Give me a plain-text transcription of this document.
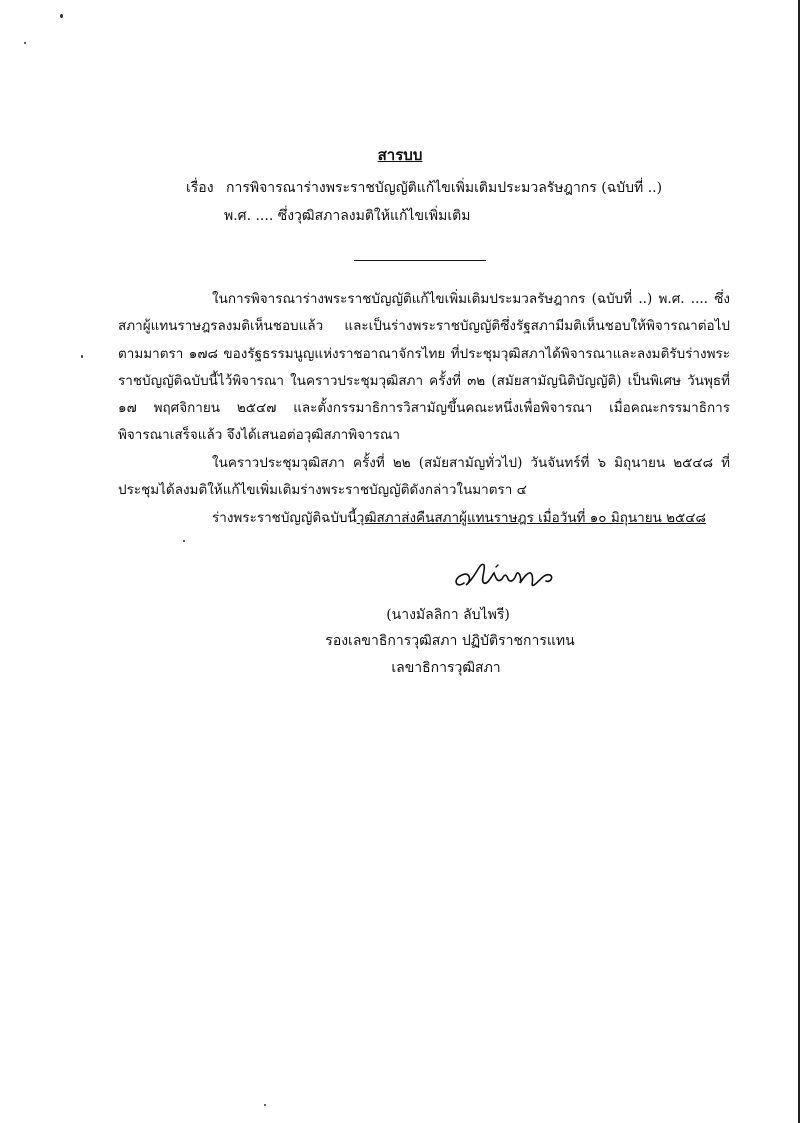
สารบบ
เรื่อง การพิจารณาร่างพระราชบัญญัติแก้ไขเพิ่มเติมประมวลรัษฎากร (ฉบับที่ ..)
พ.ศ. .... ซึ่งวุฒิสภาลงมติให้แก้ไขเพิ่มเติม
ในการพิจารณาร่างพระราชบัญญัติแก้ไขเพิ่มเติมประมวลรัษฎากร (ฉบับที่ ..) พ.ศ. .... ซึ่งสภาผู้แทนราษฎรลงมติเห็นชอบแล้ว และเป็นร่างพระราชบัญญัติซึ่งรัฐสภามีมติเห็นชอบให้พิจารณาต่อไป ตามมาตรา ๑๗๘ ของรัฐธรรมนูญแห่งราชอาณาจักรไทย ที่ประชุมวุฒิสภาได้พิจารณาและลงมติรับร่างพระราชบัญญัติฉบับนี้ไว้พิจารณา ในคราวประชุมวุฒิสภา ครั้งที่ ๓๒ (สมัยสามัญนิติบัญญัติ) เป็นพิเศษ วันพุธที่ ๑๗ พฤศจิกายน ๒๕๔๗ และตั้งกรรมาธิการวิสามัญขึ้นคณะหนึ่งเพื่อพิจารณา เมื่อคณะกรรมาธิการพิจารณาเสร็จแล้ว จึงได้เสนอต่อวุฒิสภาพิจารณา
ในคราวประชุมวุฒิสภา ครั้งที่ ๒๒ (สมัยสามัญทั่วไป) วันจันทร์ที่ ๖ มิถุนายน ๒๕๔๘ ที่ประชุมได้ลงมติให้แก้ไขเพิ่มเติมร่างพระราชบัญญัติดังกล่าวในมาตรา ๔
ร่างพระราชบัญญัติฉบับนี้วุฒิสภาส่งคืนสภาผู้แทนราษฎร เมื่อวันที่ ๑๐ มิถุนายน ๒๕๔๘
(นางมัลลิกา ลับไพรี)
รองเลขาธิการวุฒิสภา ปฏิบัติราชการแทน
เลขาธิการวุฒิสภา
